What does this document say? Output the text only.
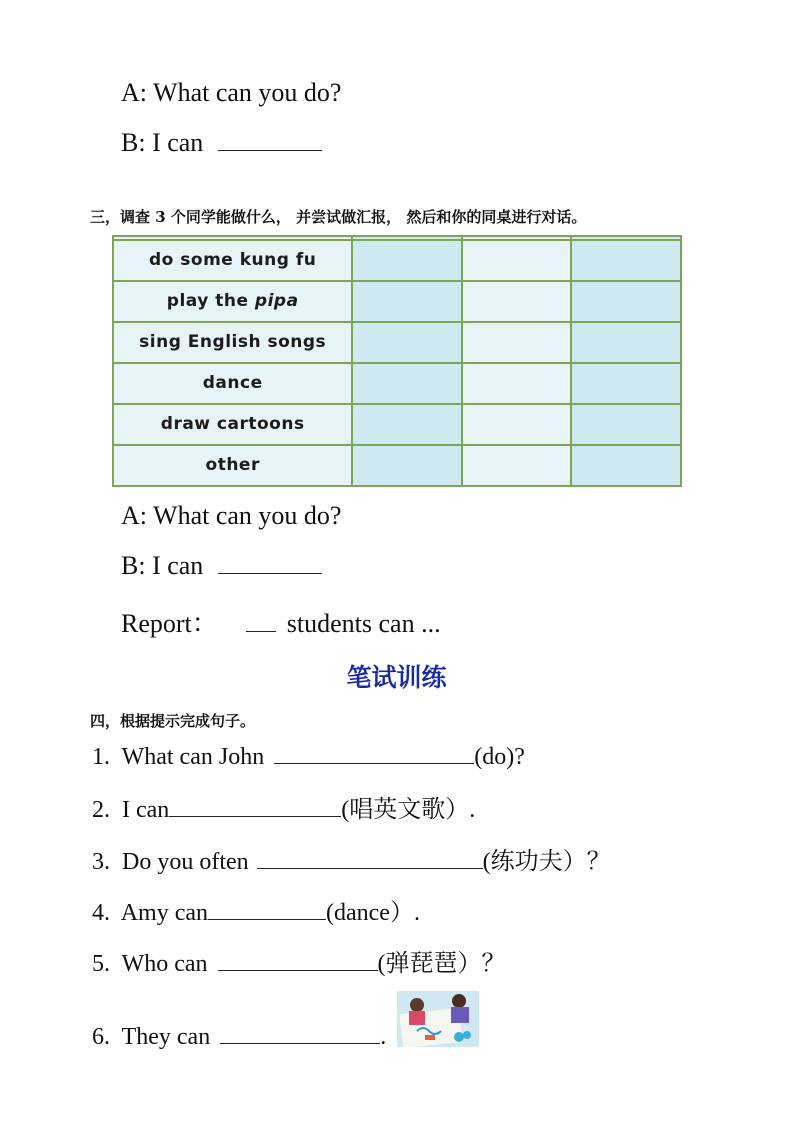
A: What can you do?
B: I can
三，调查 3 个同学能做什么， 并尝试做汇报， 然后和你的同桌进行对话。

do some kung fu			
play the pipa			
sing English songs			
dance			
draw cartoons			
other			
A: What can you do?
B: I can
Report：	students can ...
笔试训练
四，根据提示完成句子。
1. What can John	(do)?
2. I can	(唱英文歌）.
3. Do you often	(练功夫）？
4. Amy can	(dance）.
5. Who can	(弹琵琶）？
6. They can	.
